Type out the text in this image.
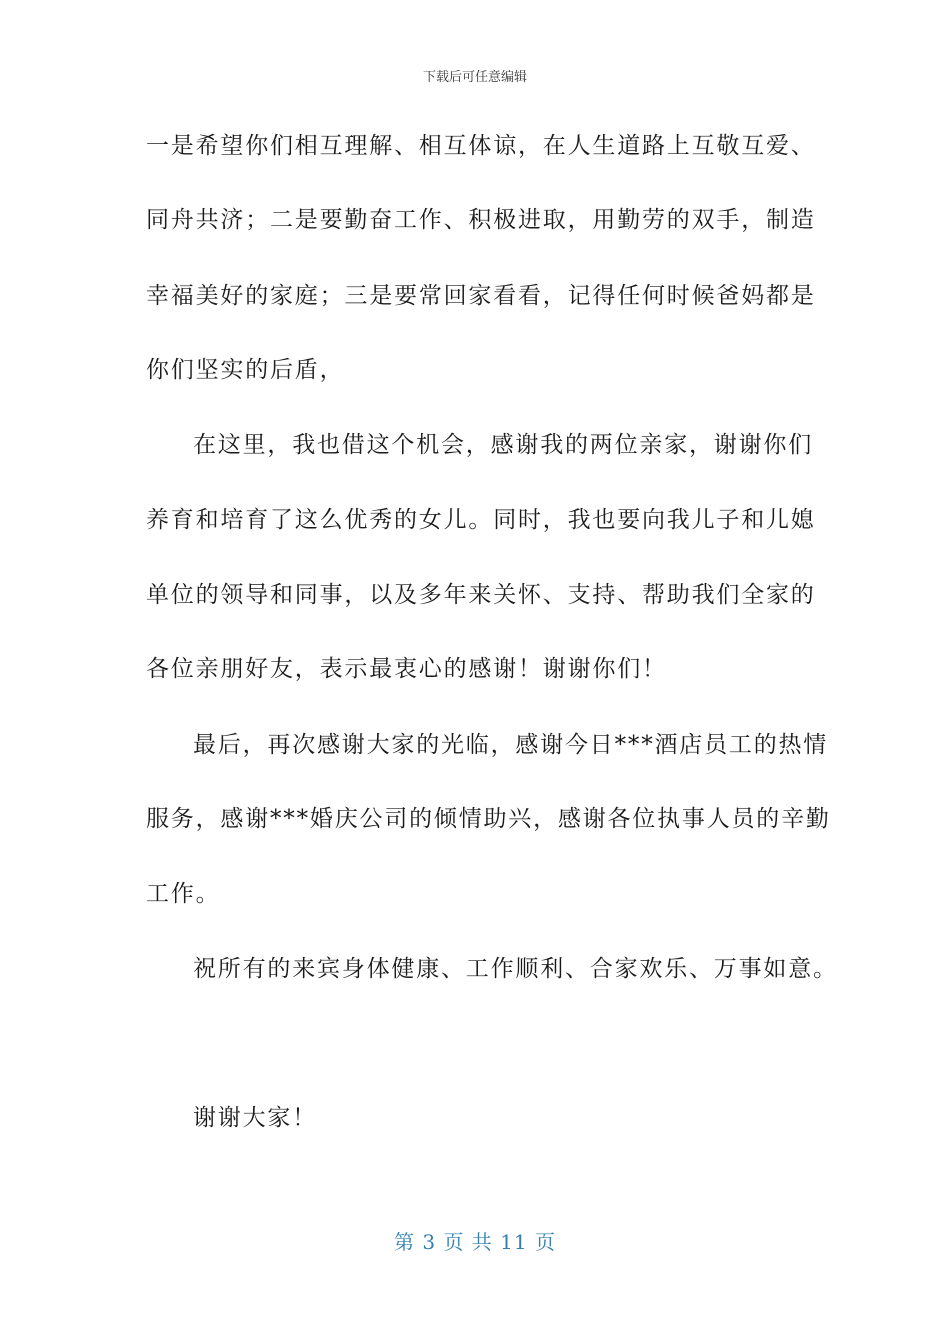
下载后可任意编辑
一是希望你们相互理解、相互体谅，在人生道路上互敬互爱、
同舟共济；二是要勤奋工作、积极进取，用勤劳的双手，制造
幸福美好的家庭；三是要常回家看看，记得任何时候爸妈都是
你们坚实的后盾，
在这里，我也借这个机会，感谢我的两位亲家，谢谢你们
养育和培育了这么优秀的女儿。同时，我也要向我儿子和儿媳
单位的领导和同事，以及多年来关怀、支持、帮助我们全家的
各位亲朋好友，表示最衷心的感谢！谢谢你们！
最后，再次感谢大家的光临，感谢今日***酒店员工的热情
服务，感谢***婚庆公司的倾情助兴，感谢各位执事人员的辛勤
工作。
祝所有的来宾身体健康、工作顺利、合家欢乐、万事如意。
谢谢大家！
第 3 页 共 11 页
